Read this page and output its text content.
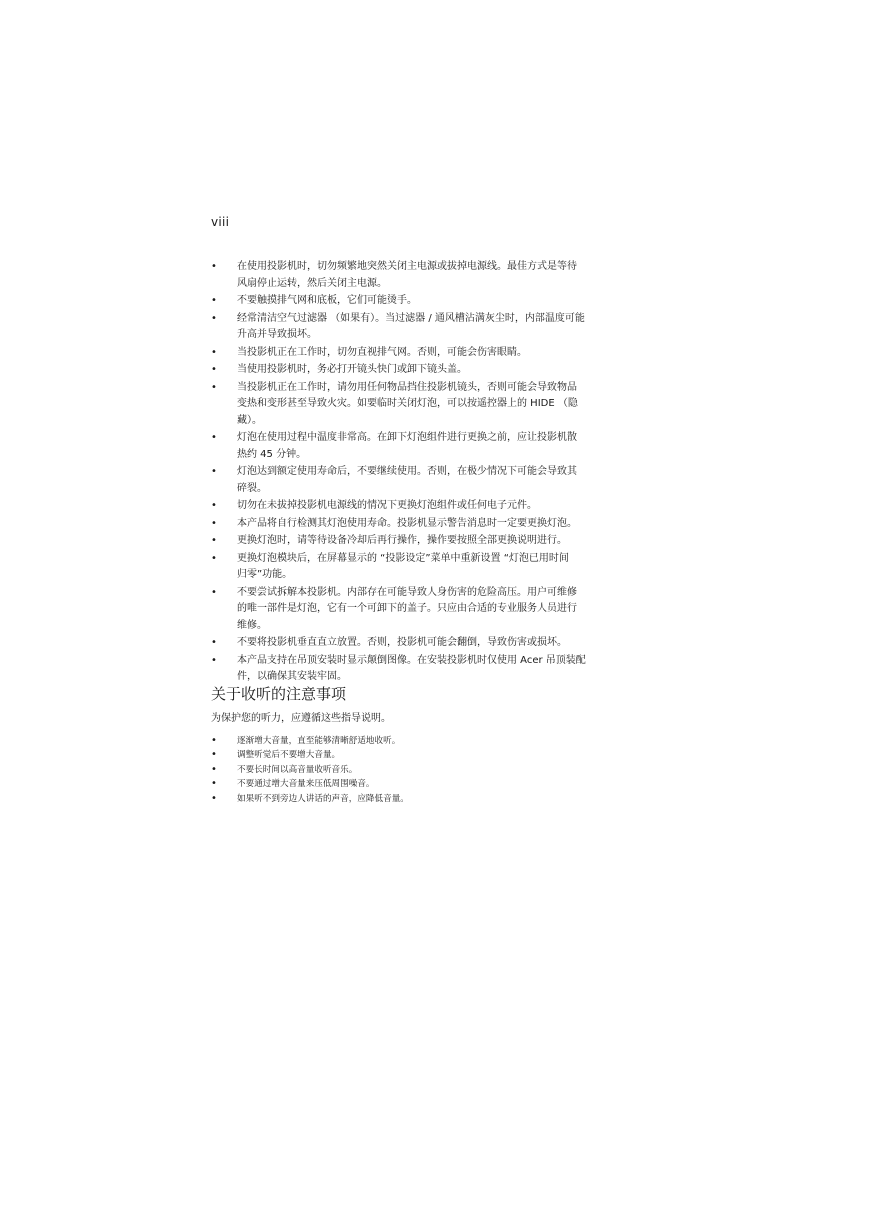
viii
• 在使用投影机时，切勿频繁地突然关闭主电源或拔掉电源线。最佳方式是等待
风扇停止运转，然后关闭主电源。
• 不要触摸排气网和底板，它们可能烫手。
• 经常清洁空气过滤器 （如果有）。当过滤器 / 通风槽沾满灰尘时，内部温度可能
升高并导致损坏。
• 当投影机正在工作时，切勿直视排气网。否则，可能会伤害眼睛。
• 当使用投影机时，务必打开镜头快门或卸下镜头盖。
• 当投影机正在工作时，请勿用任何物品挡住投影机镜头，否则可能会导致物品
变热和变形甚至导致火灾。如要临时关闭灯泡，可以按遥控器上的 HIDE （隐
藏）。
• 灯泡在使用过程中温度非常高。在卸下灯泡组件进行更换之前，应让投影机散
热约 45 分钟。
• 灯泡达到额定使用寿命后，不要继续使用。否则，在极少情况下可能会导致其
碎裂。
• 切勿在未拔掉投影机电源线的情况下更换灯泡组件或任何电子元件。
• 本产品将自行检测其灯泡使用寿命。投影机显示警告消息时一定要更换灯泡。
• 更换灯泡时，请等待设备冷却后再行操作，操作要按照全部更换说明进行。
• 更换灯泡模块后，在屏幕显示的 “投影设定”菜单中重新设置 “灯泡已用时间
归零”功能。
• 不要尝试拆解本投影机。内部存在可能导致人身伤害的危险高压。用户可维修
的唯一部件是灯泡，它有一个可卸下的盖子。只应由合适的专业服务人员进行
维修。
• 不要将投影机垂直直立放置。否则，投影机可能会翻倒，导致伤害或损坏。
• 本产品支持在吊顶安装时显示颠倒图像。在安装投影机时仅使用 Acer 吊顶装配
件，以确保其安装牢固。
关于收听的注意事项

为保护您的听力，应遵循这些指导说明。

• 逐渐增大音量，直至能够清晰舒适地收听。
• 调整听觉后不要增大音量。
• 不要长时间以高音量收听音乐。
• 不要通过增大音量来压低周围噪音。
• 如果听不到旁边人讲话的声音，应降低音量。
